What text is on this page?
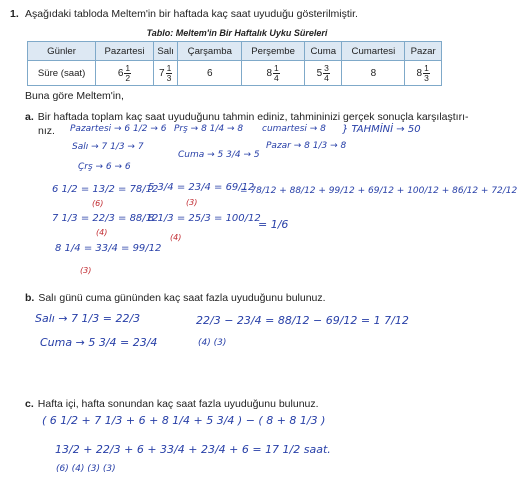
1. Aşağıdaki tabloda Meltem'in bir haftada kaç saat uyuduğu gösterilmiştir.
Tablo: Meltem'in Bir Haftalık Uyku Süreleri
Günler	Pazartesi	Salı	Çarşamba	Perşembe	Cuma	Cumartesi	Pazar
Süre (saat)	$6 \frac{1}{2}$	$7 \frac{1}{3}$	6	$8 \frac{1}{4}$	$5 \frac{3}{4}$	8	$8 \frac{1}{3}$
Buna göre Meltem'in,
a. Bir haftada toplam kaç saat uyuduğunu tahmin ediniz, tahmininizi gerçek sonuçla karşılaştırı-
nız. Pazartesi → 6 1/2 → 6
Salı → 7 1/3 → 7
Çrş → 6 → 6
Prş → 8 1/4 → 8
Cuma → 5 3/4 → 5
cumartesi → 8
Pazar → 8 1/3 → 8
} TAHMİNİ → 50
6 1/2 = 13/2 = 78/12
(6)
7 1/3 = 22/3 = 88/12
(4)
8 1/4 = 33/4 = 99/12
(3)
5 3/4 = 23/4 = 69/12
(3)
8 1/3 = 25/3 = 100/12
(4)
= 78/12 + 88/12 + 99/12 + 69/12 + 100/12 + 86/12 + 72/12
= 1/6
b. Salı günü cuma gününden kaç saat fazla uyuduğunu bulunuz.
Salı → 7 1/3 = 22/3
Cuma → 5 3/4 = 23/4
22/3 − 23/4 = 88/12 − 69/12 = 1 7/12
(4) (3)
c. Hafta içi, hafta sonundan kaç saat fazla uyuduğunu bulunuz.
( 6 1/2 + 7 1/3 + 6 + 8 1/4 + 5 3/4 ) − ( 8 + 8 1/3 )
13/2 + 22/3 + 6 + 33/4 + 23/4 + 6 = 17 1/2 saat.
(6) (4) (3) (3)
